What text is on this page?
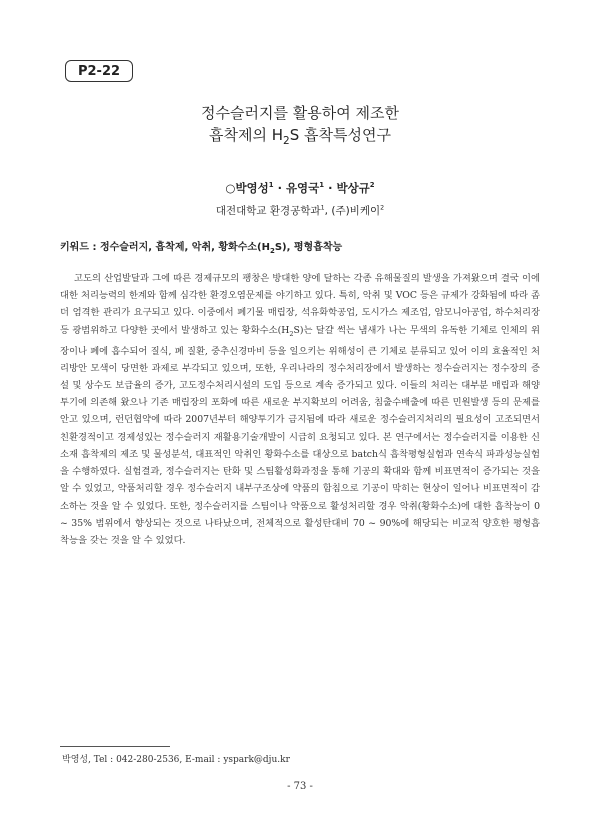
P2-22
정수슬러지를 활용하여 제조한
흡착제의 $H_2S$ 흡착특성연구
○박영성$^1$ · 유영국$^1$ · 박상규$^2$
대전대학교 환경공학과$^1$, (주)비케이$^2$
키워드 : 정수슬러지, 흡착제, 악취, 황화수소$(H_2S)$, 평형흡착능

고도의 산업발달과 그에 따른 경제규모의 팽창은 방대한 양에 달하는 각종 유해물질의 발생을 가져왔으며 결국 이에 대한 처리능력의 한계와 함께 심각한 환경오염문제를 야기하고 있다. 특히, 악취 및 VOC 등은 규제가 강화됨에 따라 좀 더 엄격한 관리가 요구되고 있다. 이중에서 폐기물 매립장, 석유화학공업, 도시가스 제조업, 암모니아공업, 하수처리장 등 광범위하고 다양한 곳에서 발생하고 있는 황화수소$(H_2S)$는 달걀 썩는 냄새가 나는 무색의 유독한 기체로 인체의 위장이나 폐에 흡수되어 질식, 폐 질환, 중추신경마비 등을 일으키는 위해성이 큰 기체로 분류되고 있어 이의 효율적인 처리방안 모색이 당면한 과제로 부각되고 있으며, 또한, 우리나라의 정수처리장에서 발생하는 정수슬러지는 정수장의 증설 및 상수도 보급율의 증가, 고도정수처리시설의 도입 등으로 계속 증가되고 있다. 이들의 처리는 대부분 매립과 해양투기에 의존해 왔으나 기존 매립장의 포화에 따른 새로운 부지확보의 어려움, 침출수배출에 따른 민원발생 등의 문제를 안고 있으며, 런던협약에 따라 2007년부터 해양투기가 금지됨에 따라 새로운 정수슬러지처리의 필요성이 고조되면서 친환경적이고 경제성있는 정수슬러지 재활용기술개발이 시급히 요청되고 있다. 본 연구에서는 정수슬러지를 이용한 신소재 흡착제의 제조 및 물성분석, 대표적인 악취인 황화수소를 대상으로 batch식 흡착평형실험과 연속식 파과성능실험을 수행하였다. 실험결과, 정수슬러지는 탄화 및 스팀활성화과정을 통해 기공의 확대와 함께 비표면적이 증가되는 것을 알 수 있었고, 약품처리할 경우 정수슬러지 내부구조상에 약품의 함침으로 기공이 막히는 현상이 일어나 비표면적이 감소하는 것을 알 수 있었다. 또한, 정수슬러지를 스팀이나 약품으로 활성처리할 경우 악취(황화수소)에 대한 흡착능이 0 ~ 35% 범위에서 향상되는 것으로 나타났으며, 전체적으로 활성탄대비 70 ~ 90%에 해당되는 비교적 양호한 평형흡착능을 갖는 것을 알 수 있었다.

박영성, Tel : 042-280-2536, E-mail : yspark@dju.kr
- 73 -
